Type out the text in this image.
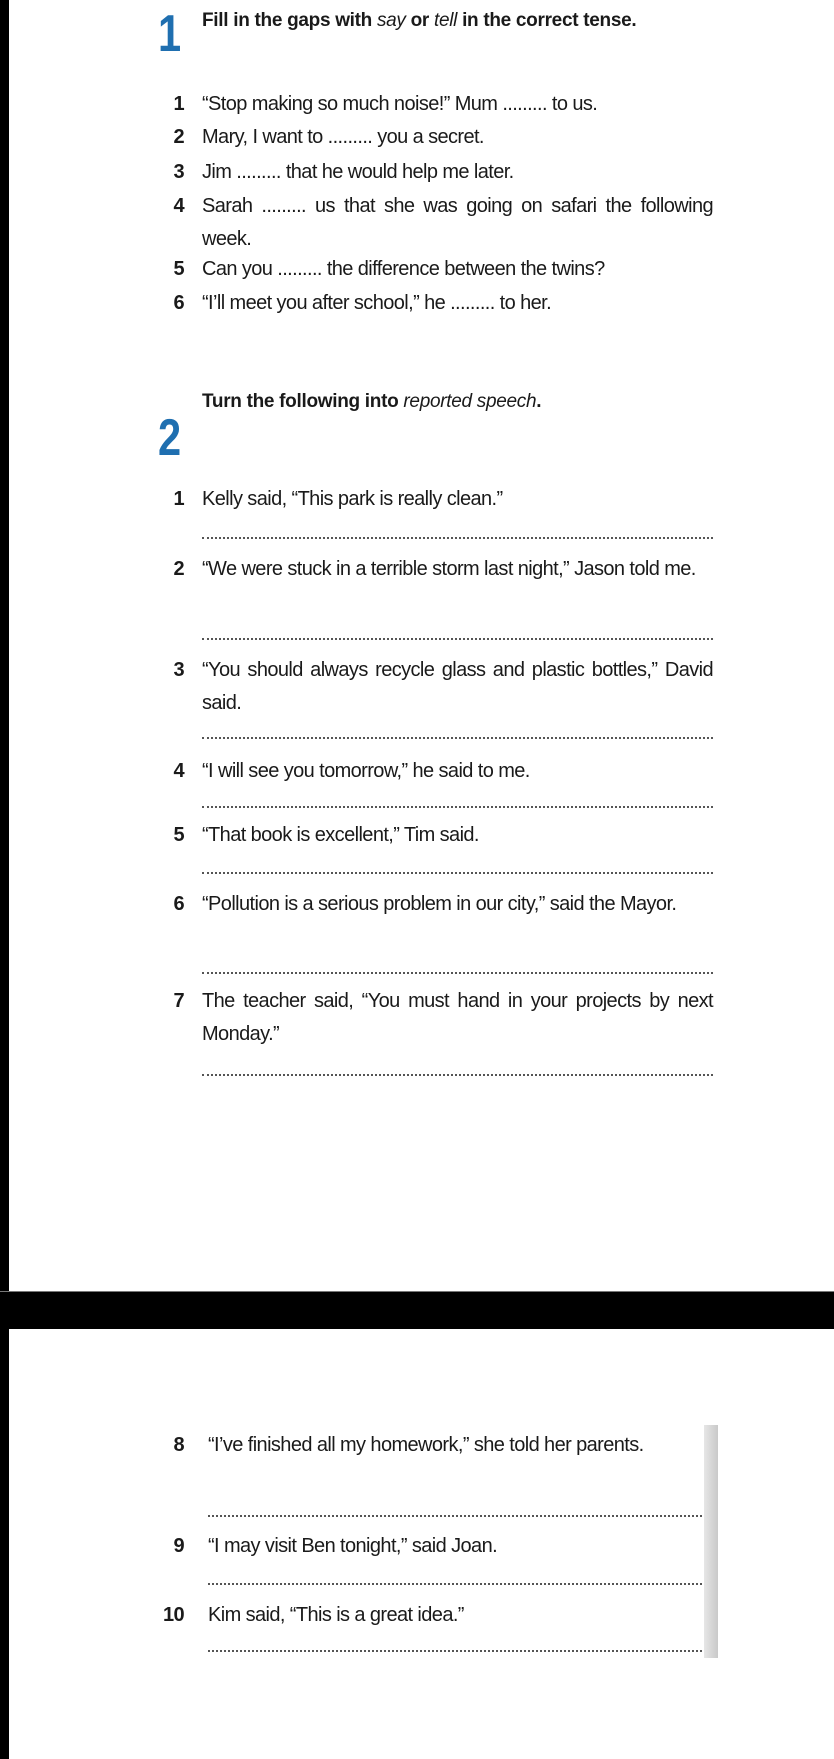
1 Fill in the gaps with say or tell in the correct tense.
1 “Stop making so much noise!” Mum ......... to us.
2 Mary, I want to ......... you a secret.
3 Jim ......... that he would help me later.
4 Sarah ......... us that she was going on safari the following week.
5 Can you ......... the difference between the twins?
6 “I’ll meet you after school,” he ......... to her.
2
Turn the following into reported speech.
1 Kelly said, “This park is really clean.”
2 “We were stuck in a terrible storm last night,” Jason told me.
3 “You should always recycle glass and plastic bottles,” David said.
4 “I will see you tomorrow,” he said to me.
5 “That book is excellent,” Tim said.
6 “Pollution is a serious problem in our city,” said the Mayor.
7 The teacher said, “You must hand in your projects by next Monday.”
8 “I’ve finished all my homework,” she told her parents.
9 “I may visit Ben tonight,” said Joan.
10 Kim said, “This is a great idea.”
